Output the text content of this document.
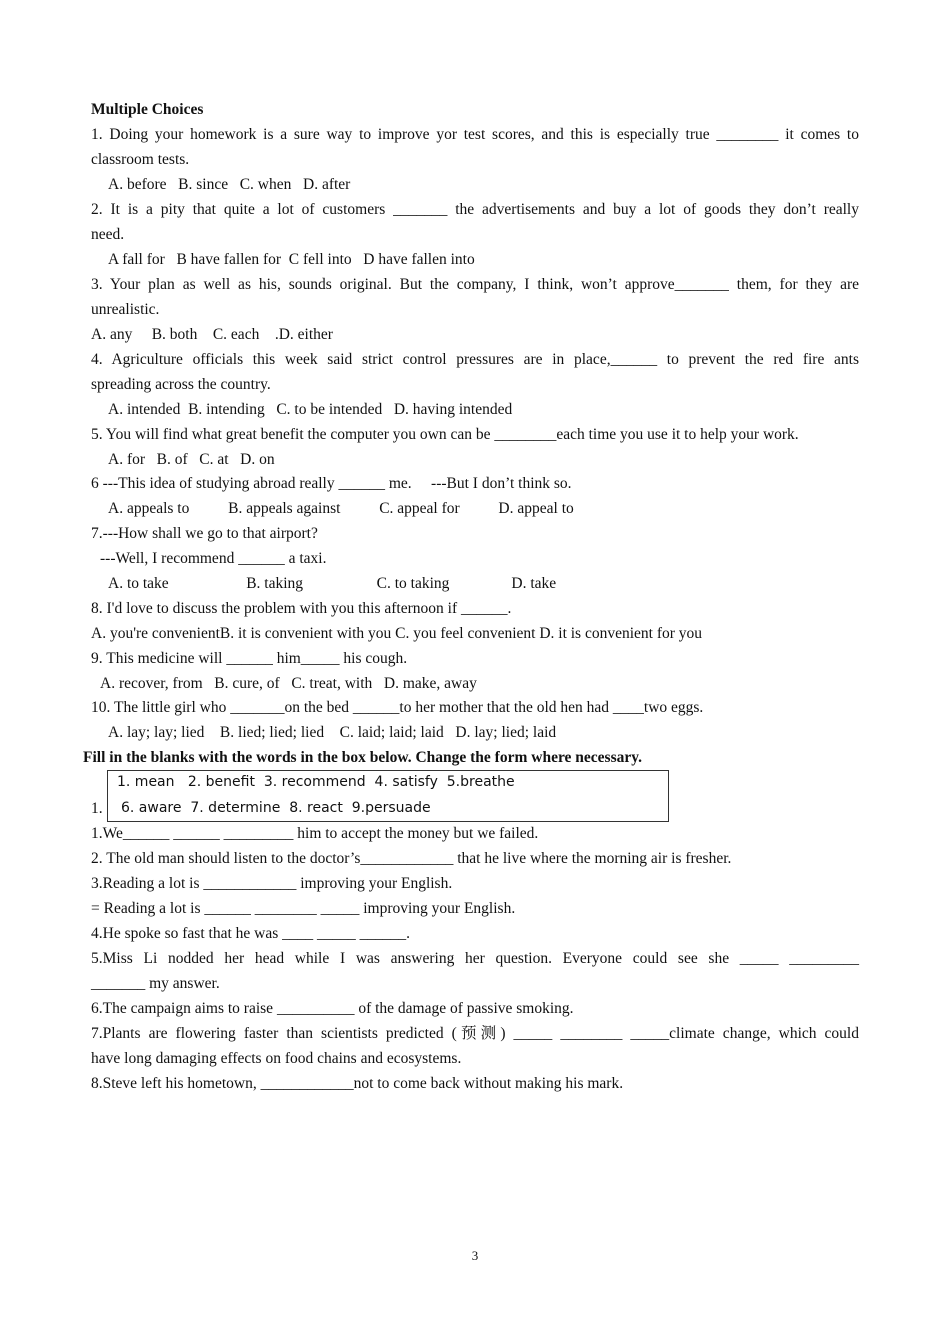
Multiple Choices
1. Doing your homework is a sure way to improve yor test scores, and this is especially true ________ it comes to
classroom tests.
A. before   B. since   C. when   D. after
2. It is a pity that quite a lot of customers _______ the advertisements and buy a lot of goods they don’t really
need.
A fall for   B have fallen for  C fell into   D have fallen into
3. Your plan as well as his, sounds original. But the company, I think, won’t approve_______ them, for they are
unrealistic.
A. any     B. both    C. each    .D. either
4. Agriculture officials this week said strict control pressures are in place,______ to prevent the red fire ants
spreading across the country.
A. intended  B. intending   C. to be intended   D. having intended
5. You will find what great benefit the computer you own can be ________each time you use it to help your work.
A. for   B. of   C. at   D. on
6 ---This idea of studying abroad really ______ me.     ---But I don’t think so.
A. appeals to          B. appeals against          C. appeal for          D. appeal to
7.---How shall we go to that airport?
---Well, I recommend ______ a taxi.
A. to take                    B. taking                   C. to taking                D. take
8. I'd love to discuss the problem with you this afternoon if ______.
A. you're convenientB. it is convenient with you C. you feel convenient D. it is convenient for you
9. This medicine will ______ him_____ his cough.
A. recover, from   B. cure, of   C. treat, with   D. make, away
10. The little girl who _______on the bed ______to her mother that the old hen had ____two eggs.
A. lay; lay; lied    B. lied; lied; lied    C. laid; laid; laid   D. lay; lied; laid
Fill in the blanks with the words in the box below. Change the form where necessary.
1.
1. mean   2. benefit  3. recommend  4. satisfy  5.breathe
6. aware  7. determine  8. react  9.persuade
1.We______ ______ _________ him to accept the money but we failed.
2. The old man should listen to the doctor’s____________ that he live where the morning air is fresher.
3.Reading a lot is ____________ improving your English.
= Reading a lot is ______ ________ _____ improving your English.
4.He spoke so fast that he was ____ _____ ______.
5.Miss Li nodded her head while I was answering her question. Everyone could see she _____ _________
_______ my answer.
6.The campaign aims to raise __________ of the damage of passive smoking.
7.Plants are flowering faster than scientists predicted (预测) _____ ________ _____climate change, which could
have long damaging effects on food chains and ecosystems.
8.Steve left his hometown, ____________not to come back without making his mark.
3
